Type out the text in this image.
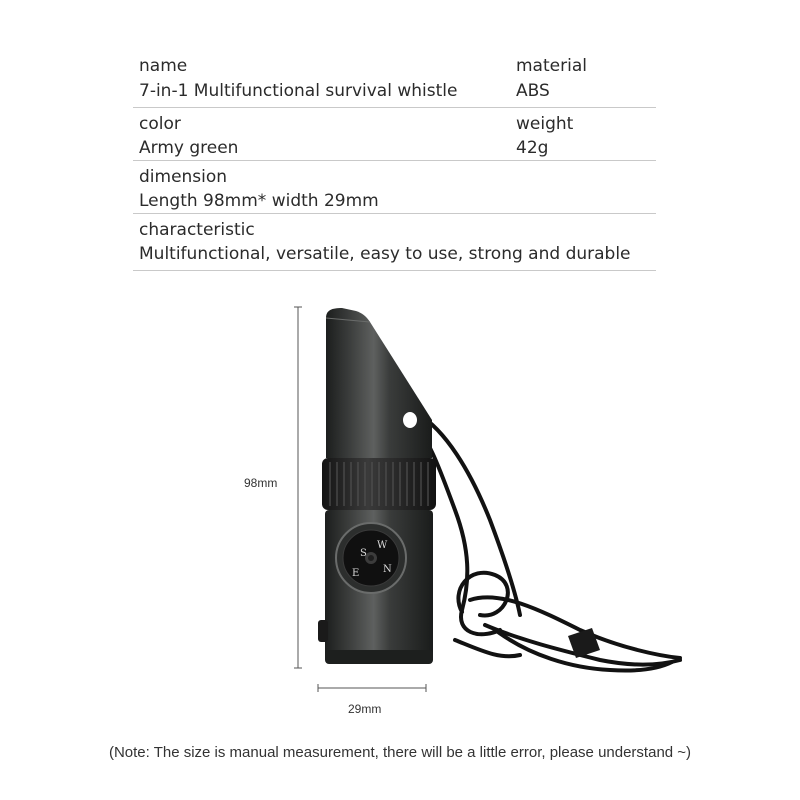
name
7-in-1 Multifunctional survival whistle
material
ABS
color
Army green
weight
42g
dimension
Length 98mm* width 29mm
characteristic
Multifunctional, versatile, easy to use, strong and durable
S
W
N
E
98mm
29mm
(Note: The size is manual measurement, there will be a little error, please understand ~)
